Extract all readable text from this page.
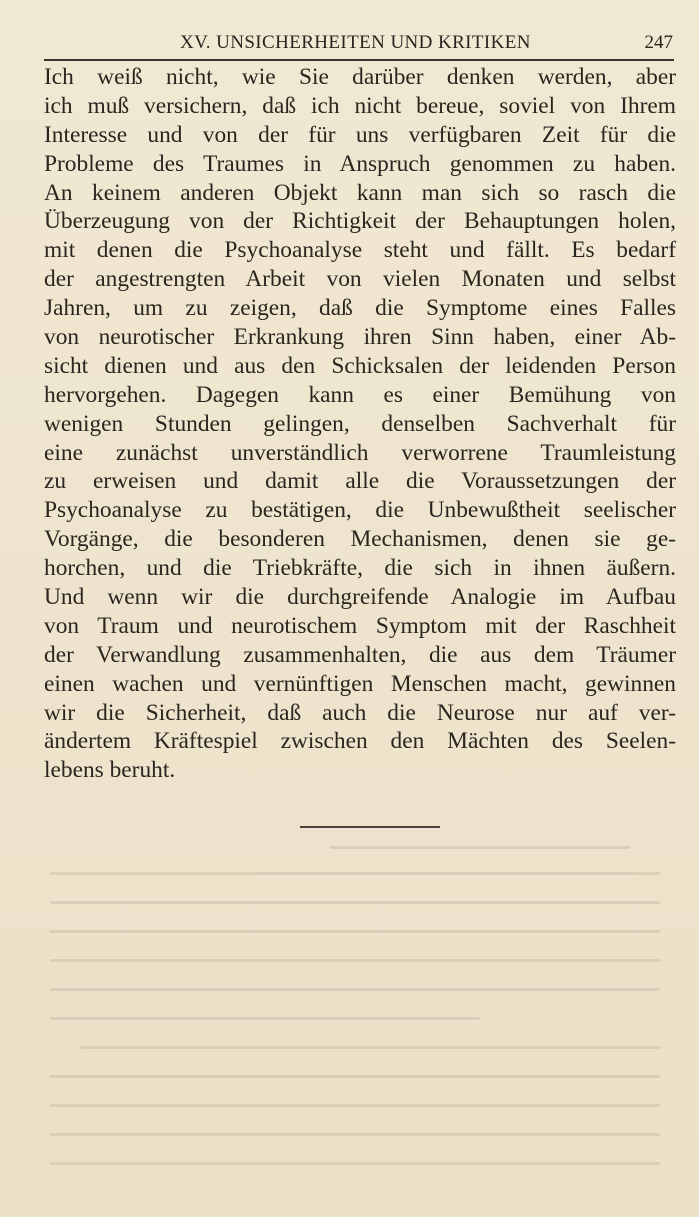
XV. UNSICHERHEITEN UND KRITIKEN	247
Ich weiß nicht, wie Sie darüber denken werden, aber
ich muß versichern, daß ich nicht bereue, soviel von Ihrem
Interesse und von der für uns verfügbaren Zeit für die
Probleme des Traumes in Anspruch genommen zu haben.
An keinem anderen Objekt kann man sich so rasch die
Überzeugung von der Richtigkeit der Behauptungen holen,
mit denen die Psychoanalyse steht und fällt. Es bedarf
der angestrengten Arbeit von vielen Monaten und selbst
Jahren, um zu zeigen, daß die Symptome eines Falles
von neurotischer Erkrankung ihren Sinn haben, einer Ab-
sicht dienen und aus den Schicksalen der leidenden Person
hervorgehen. Dagegen kann es einer Bemühung von
wenigen Stunden gelingen, denselben Sachverhalt für
eine zunächst unverständlich verworrene Traumleistung
zu erweisen und damit alle die Voraussetzungen der
Psychoanalyse zu bestätigen, die Unbewußtheit seelischer
Vorgänge, die besonderen Mechanismen, denen sie ge-
horchen, und die Triebkräfte, die sich in ihnen äußern.
Und wenn wir die durchgreifende Analogie im Aufbau
von Traum und neurotischem Symptom mit der Raschheit
der Verwandlung zusammenhalten, die aus dem Träumer
einen wachen und vernünftigen Menschen macht, gewinnen
wir die Sicherheit, daß auch die Neurose nur auf ver-
ändertem Kräftespiel zwischen den Mächten des Seelen-
lebens beruht.
